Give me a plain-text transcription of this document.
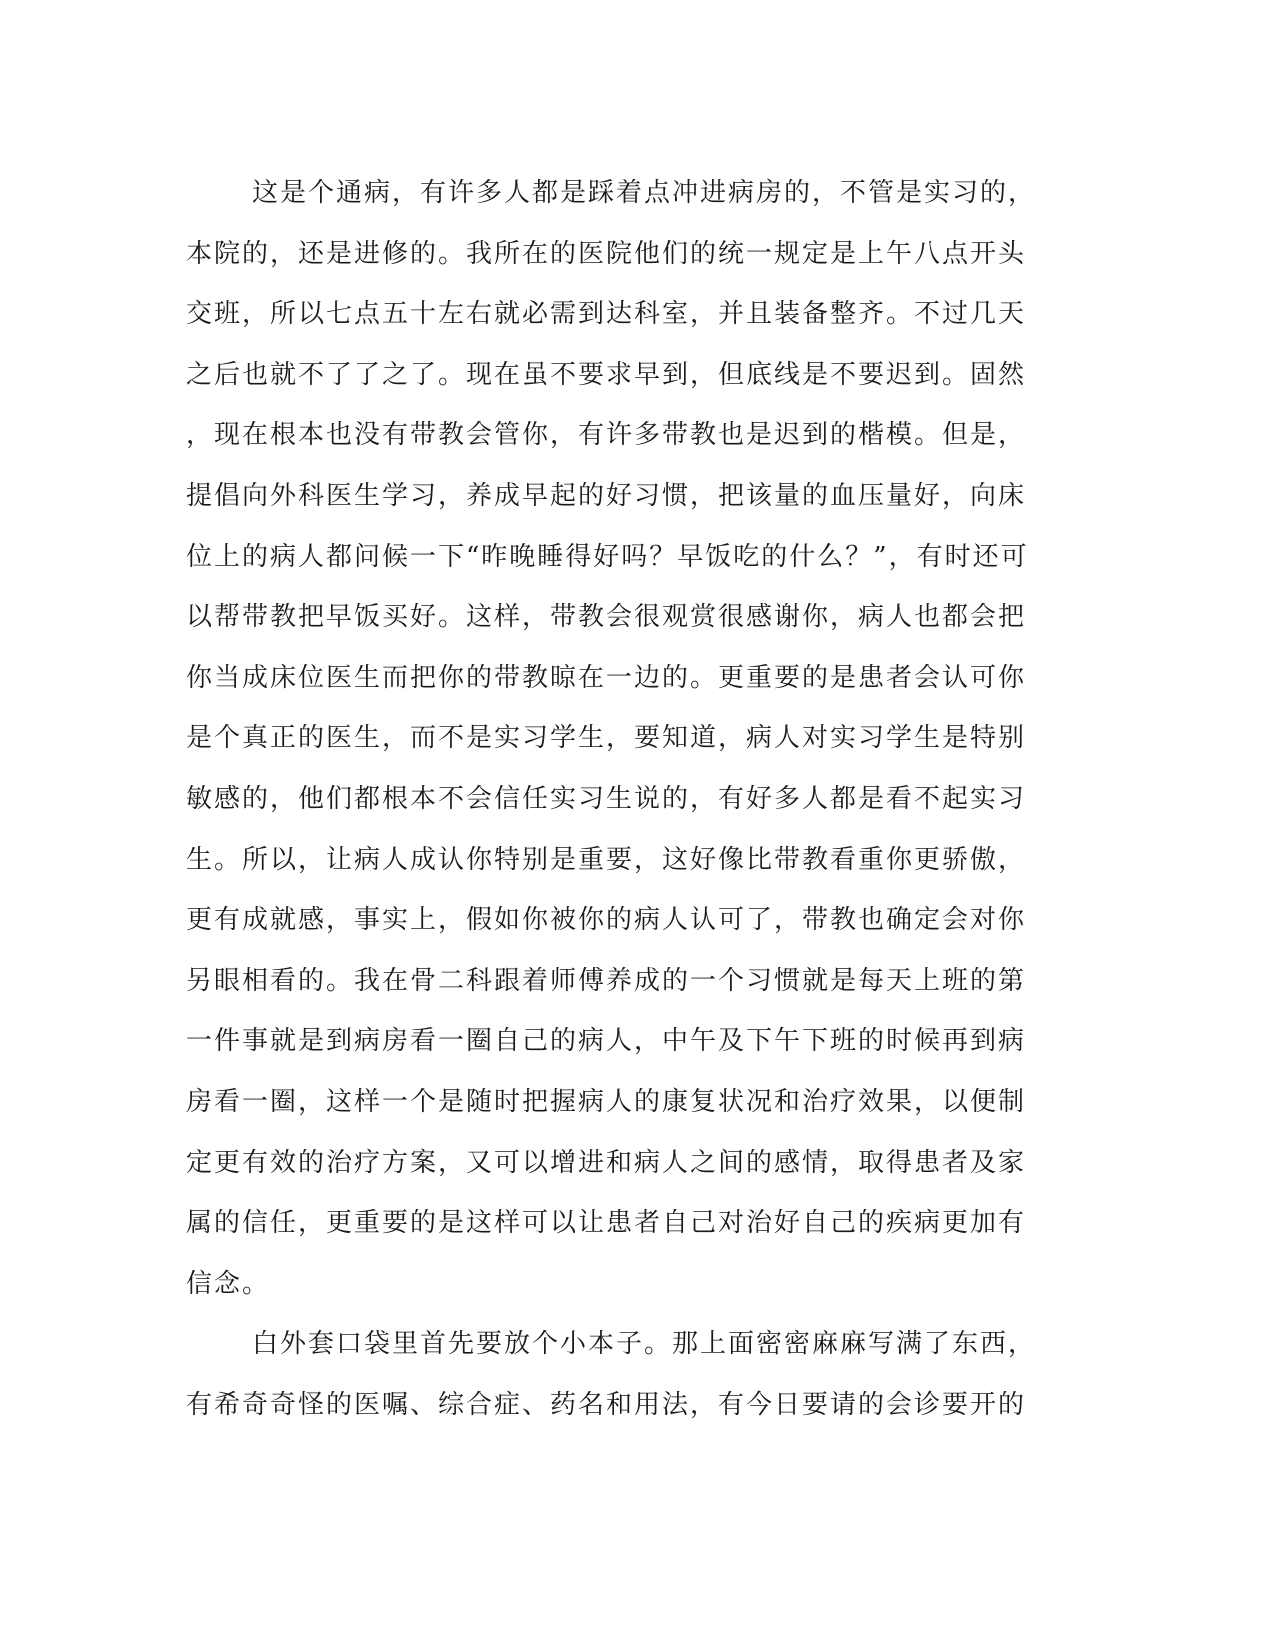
这是个通病，有许多人都是踩着点冲进病房的，不管是实习的，
本院的，还是进修的。我所在的医院他们的统一规定是上午八点开头
交班，所以七点五十左右就必需到达科室，并且装备整齐。不过几天
之后也就不了了之了。现在虽不要求早到，但底线是不要迟到。固然
，现在根本也没有带教会管你，有许多带教也是迟到的楷模。但是，
提倡向外科医生学习，养成早起的好习惯，把该量的血压量好，向床
位上的病人都问候一下“昨晚睡得好吗？早饭吃的什么？”，有时还可
以帮带教把早饭买好。这样，带教会很观赏很感谢你，病人也都会把
你当成床位医生而把你的带教晾在一边的。更重要的是患者会认可你
是个真正的医生，而不是实习学生，要知道，病人对实习学生是特别
敏感的，他们都根本不会信任实习生说的，有好多人都是看不起实习
生。所以，让病人成认你特别是重要，这好像比带教看重你更骄傲，
更有成就感，事实上，假如你被你的病人认可了，带教也确定会对你
另眼相看的。我在骨二科跟着师傅养成的一个习惯就是每天上班的第
一件事就是到病房看一圈自己的病人，中午及下午下班的时候再到病
房看一圈，这样一个是随时把握病人的康复状况和治疗效果，以便制
定更有效的治疗方案，又可以增进和病人之间的感情，取得患者及家
属的信任，更重要的是这样可以让患者自己对治好自己的疾病更加有
信念。
白外套口袋里首先要放个小本子。那上面密密麻麻写满了东西，
有希奇奇怪的医嘱、综合症、药名和用法，有今日要请的会诊要开的
